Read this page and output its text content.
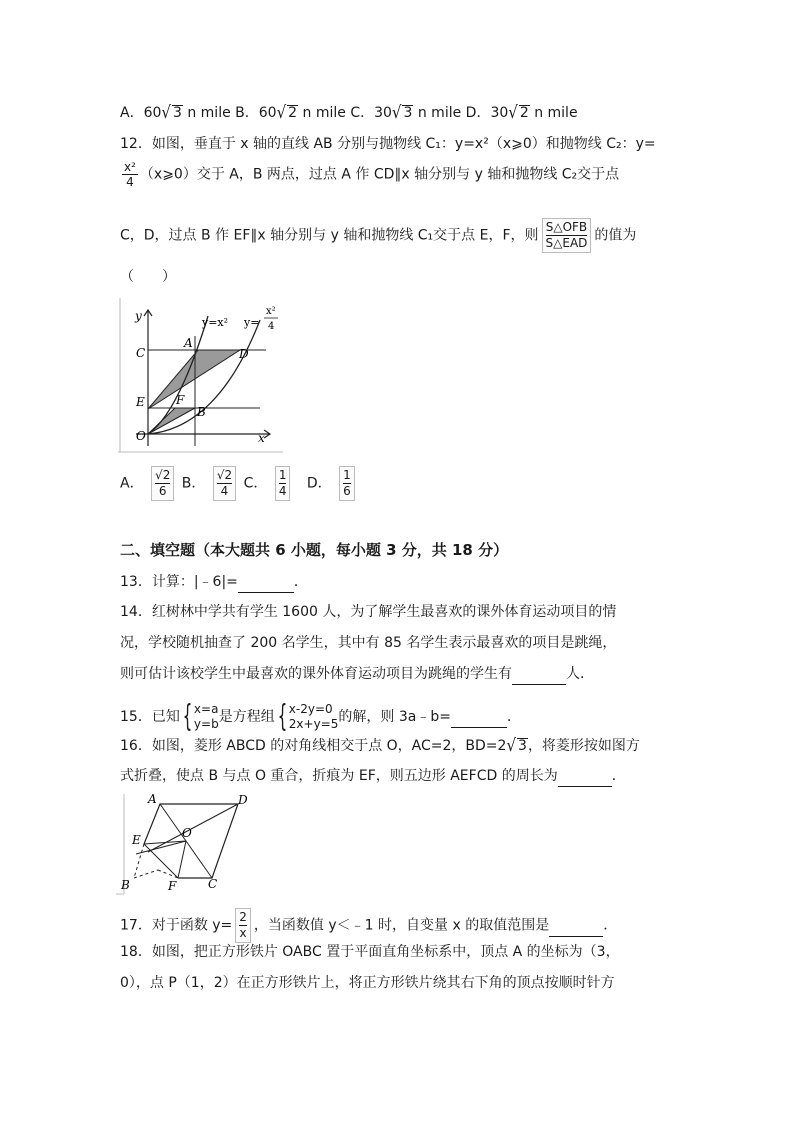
A．60√ 3 n mile B．60√ 2 n mile C．30√ 3 n mile D．30√ 2 n mile
12．如图，垂直于 x 轴的直线 AB 分别与抛物线 C₁：y=x²（x⩾0）和抛物线 C₂：y=
$\frac{\text{x²}}{4}$ （x⩾0）交于 A，B 两点，过点 A 作 CD∥x 轴分别与 y 轴和抛物线 C₂交于点
C，D，过点 B 作 EF∥x 轴分别与 y 轴和抛物线 C₁交于点 E，F，则 $\frac{\text{S△OFB}}{\text{S△EAD}}$ 的值为
（　　）
y
x
y=x² y=
x²
4
C
A
D
E	F
B
O
A． $\frac{√2}{6}$ B． $\frac{√2}{4}$ C． $\frac{1}{4}$ D． $\frac{1}{6}$
二、填空题（本大题共 6 小题，每小题 3 分，共 18 分）
13．计算：|﹣6|=	．
14．红树林中学共有学生 1600 人，为了解学生最喜欢的课外体育运动项目的情
况，学校随机抽查了 200 名学生，其中有 85 名学生表示最喜欢的项目是跳绳，
则可估计该校学生中最喜欢的课外体育运动项目为跳绳的学生有	人．
15．已知{ x=a
y=b是方程组{ x-2y=0
2x+y=5的解，则 3a﹣b=	．
16．如图，菱形 ABCD 的对角线相交于点 O，AC=2，BD=2√ 3，将菱形按如图方
式折叠，使点 B 与点 O 重合，折痕为 EF，则五边形 AEFCD 的周长为	．
A	D
E	O
B	F	C
17．对于函数 $y= \frac{2}{x}$ ，当函数值 y＜﹣1 时，自变量 x 的取值范围是	．
18．如图，把正方形铁片 OABC 置于平面直角坐标系中，顶点 A 的坐标为（3，
0），点 P（1，2）在正方形铁片上，将正方形铁片绕其右下角的顶点按顺时针方
